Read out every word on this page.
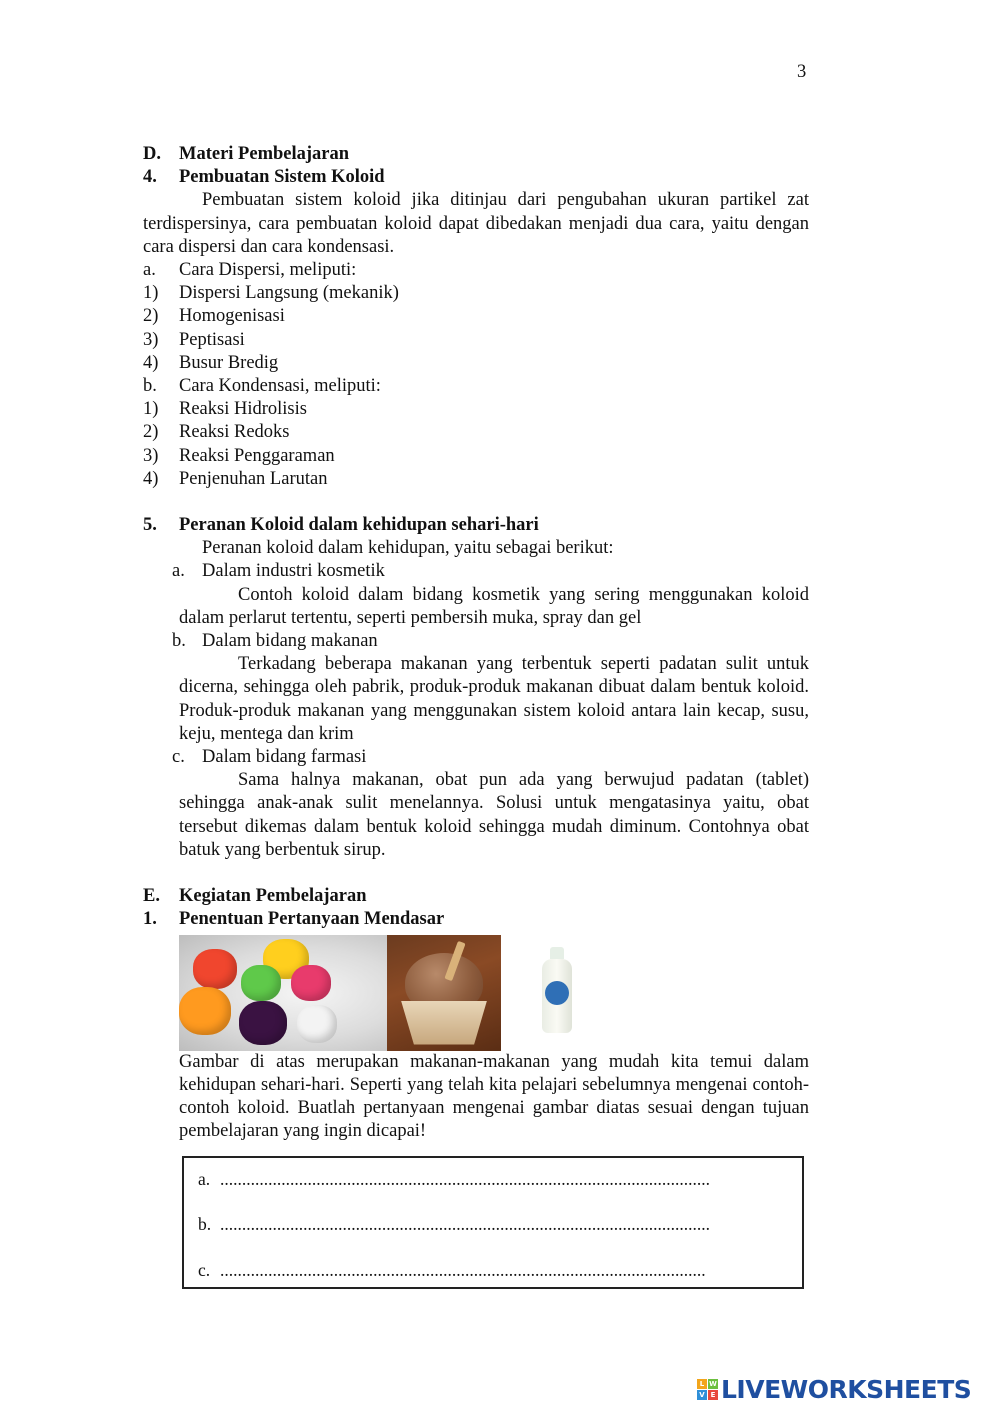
3
D. Materi Pembelajaran
4.	Pembuatan Sistem Koloid
Pembuatan sistem koloid jika ditinjau dari pengubahan ukuran partikel zat terdispersinya, cara pembuatan koloid dapat dibedakan menjadi dua cara, yaitu dengan cara dispersi dan cara kondensasi.
a.	Cara Dispersi, meliputi:
1)	Dispersi Langsung (mekanik)
2)	Homogenisasi
3)	Peptisasi
4)	Busur Bredig
b.	Cara Kondensasi, meliputi:
1)	Reaksi Hidrolisis
2)	Reaksi Redoks
3)	Reaksi Penggaraman
4)	Penjenuhan Larutan
5.	Peranan Koloid dalam kehidupan sehari-hari
Peranan koloid dalam kehidupan, yaitu sebagai berikut:
a. Dalam industri kosmetik
Contoh koloid dalam bidang kosmetik yang sering menggunakan koloid dalam perlarut tertentu, seperti pembersih muka, spray dan gel
b. Dalam bidang makanan
Terkadang beberapa makanan yang terbentuk seperti padatan sulit untuk dicerna, sehingga oleh pabrik, produk-produk makanan dibuat dalam bentuk koloid. Produk-produk makanan yang menggunakan sistem koloid antara lain kecap, susu, keju, mentega dan krim
c. Dalam bidang farmasi
Sama halnya makanan, obat pun ada yang berwujud padatan (tablet) sehingga anak-anak sulit menelannya. Solusi untuk mengatasinya yaitu, obat tersebut dikemas dalam bentuk koloid sehingga mudah diminum. Contohnya obat batuk yang berbentuk sirup.
E.	Kegiatan Pembelajaran
1.	Penentuan Pertanyaan Mendasar
Gambar di atas merupakan makanan-makanan yang mudah kita temui dalam kehidupan sehari-hari. Seperti yang telah kita pelajari sebelumnya mengenai contoh-contoh koloid. Buatlah pertanyaan mengenai gambar diatas sesuai dengan tujuan pembelajaran yang ingin dicapai!
a. ................................................................................................................
b. ................................................................................................................
c. ...............................................................................................................
L W
V E LIVEWORKSHEETS
